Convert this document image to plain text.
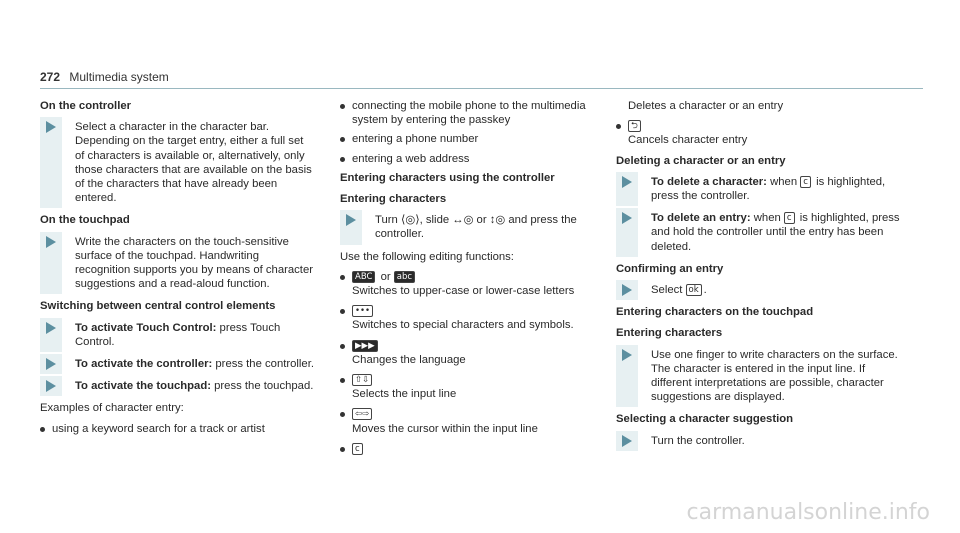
272 Multimedia system
On the controller
Select a character in the character bar. Depending on the target entry, either a full set of characters is available or, alternatively, only those characters that are available on the basis of the characters that have already been entered.
On the touchpad
Write the characters on the touch-sensitive surface of the touchpad. Handwriting recognition supports you by means of character suggestions and a read-aloud function.
Switching between central control elements
To activate Touch Control: press Touch Control.
To activate the controller: press the controller.
To activate the touchpad: press the touchpad.
Examples of character entry:
using a keyword search for a track or artist
connecting the mobile phone to the multimedia system by entering the passkey
entering a phone number
entering a web address
Entering characters using the controller
Entering characters
Turn ⟨◎⟩, slide ↔◎ or ↕◎ and press the controller.
Use the following editing functions:
ABC or abc
Switches to upper-case or lower-case letters
•••
Switches to special characters and symbols.
▶▶▶
Changes the language
⇧⇩
Selects the input line
⇦⇨
Moves the cursor within the input line
c
Deletes a character or an entry
⮌
Cancels character entry
Deleting a character or an entry
To delete a character: when c is highlighted, press the controller.
To delete an entry: when c is highlighted, press and hold the controller until the entry has been deleted.
Confirming an entry
Select ok .
Entering characters on the touchpad
Entering characters
Use one finger to write characters on the surface. The character is entered in the input line. If different interpretations are possible, character suggestions are displayed.
Selecting a character suggestion
Turn the controller.
carmanualsonline.info
